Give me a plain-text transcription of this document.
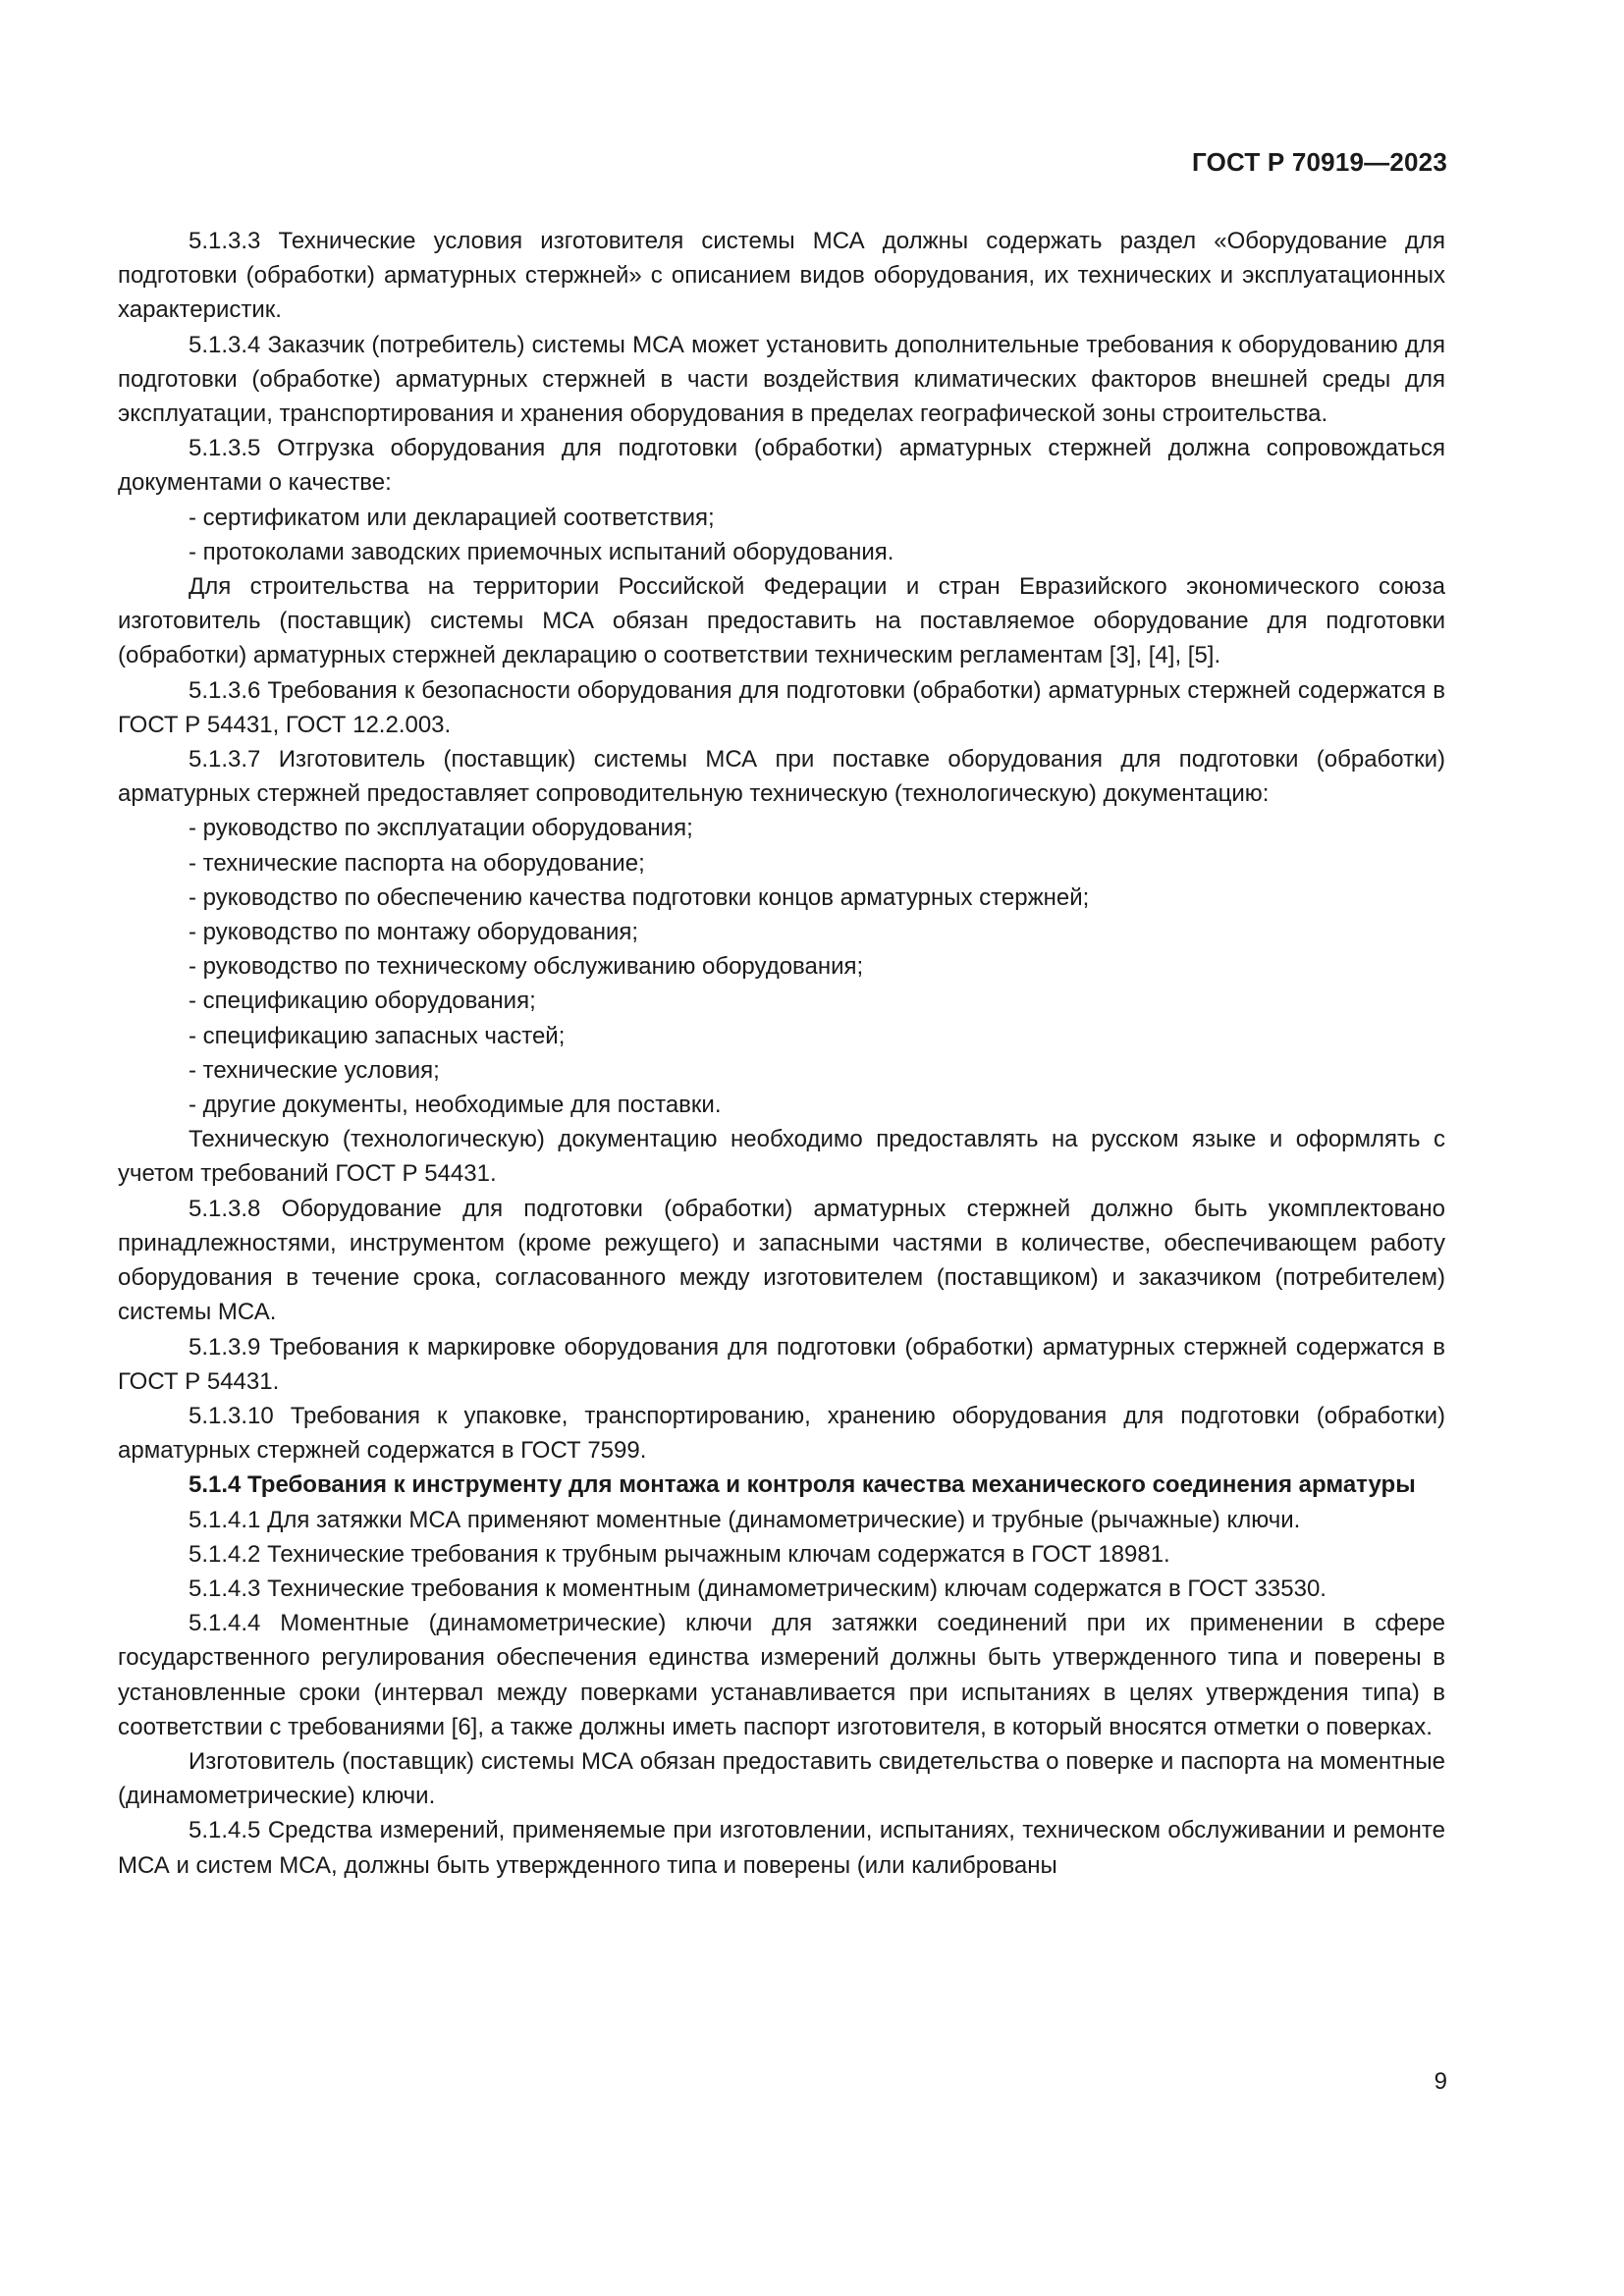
ГОСТ Р 70919—2023

5.1.3.3 Технические условия изготовителя системы МСА должны содержать раздел «Оборудование для подготовки (обработки) арматурных стержней» с описанием видов оборудования, их технических и эксплуатационных характеристик.

5.1.3.4 Заказчик (потребитель) системы МСА может установить дополнительные требования к оборудованию для подготовки (обработке) арматурных стержней в части воздействия климатических факторов внешней среды для эксплуатации, транспортирования и хранения оборудования в пределах географической зоны строительства.

5.1.3.5 Отгрузка оборудования для подготовки (обработки) арматурных стержней должна сопровождаться документами о качестве:

- сертификатом или декларацией соответствия;
- протоколами заводских приемочных испытаний оборудования.

Для строительства на территории Российской Федерации и стран Евразийского экономического союза изготовитель (поставщик) системы МСА обязан предоставить на поставляемое оборудование для подготовки (обработки) арматурных стержней декларацию о соответствии техническим регламентам [3], [4], [5].

5.1.3.6 Требования к безопасности оборудования для подготовки (обработки) арматурных стержней содержатся в ГОСТ Р 54431, ГОСТ 12.2.003.

5.1.3.7 Изготовитель (поставщик) системы МСА при поставке оборудования для подготовки (обработки) арматурных стержней предоставляет сопроводительную техническую (технологическую) документацию:

- руководство по эксплуатации оборудования;
- технические паспорта на оборудование;
- руководство по обеспечению качества подготовки концов арматурных стержней;
- руководство по монтажу оборудования;
- руководство по техническому обслуживанию оборудования;
- спецификацию оборудования;
- спецификацию запасных частей;
- технические условия;
- другие документы, необходимые для поставки.

Техническую (технологическую) документацию необходимо предоставлять на русском языке и оформлять с учетом требований ГОСТ Р 54431.

5.1.3.8 Оборудование для подготовки (обработки) арматурных стержней должно быть укомплектовано принадлежностями, инструментом (кроме режущего) и запасными частями в количестве, обеспечивающем работу оборудования в течение срока, согласованного между изготовителем (поставщиком) и заказчиком (потребителем) системы МСА.

5.1.3.9 Требования к маркировке оборудования для подготовки (обработки) арматурных стержней содержатся в ГОСТ Р 54431.

5.1.3.10 Требования к упаковке, транспортированию, хранению оборудования для подготовки (обработки) арматурных стержней содержатся в ГОСТ 7599.

5.1.4 Требования к инструменту для монтажа и контроля качества механического соединения арматуры

5.1.4.1 Для затяжки МСА применяют моментные (динамометрические) и трубные (рычажные) ключи.

5.1.4.2 Технические требования к трубным рычажным ключам содержатся в ГОСТ 18981.

5.1.4.3 Технические требования к моментным (динамометрическим) ключам содержатся в ГОСТ 33530.

5.1.4.4 Моментные (динамометрические) ключи для затяжки соединений при их применении в сфере государственного регулирования обеспечения единства измерений должны быть утвержденного типа и поверены в установленные сроки (интервал между поверками устанавливается при испытаниях в целях утверждения типа) в соответствии с требованиями [6], а также должны иметь паспорт изготовителя, в который вносятся отметки о поверках.

Изготовитель (поставщик) системы МСА обязан предоставить свидетельства о поверке и паспорта на моментные (динамометрические) ключи.

5.1.4.5 Средства измерений, применяемые при изготовлении, испытаниях, техническом обслуживании и ремонте МСА и систем МСА, должны быть утвержденного типа и поверены (или калиброваны

9
